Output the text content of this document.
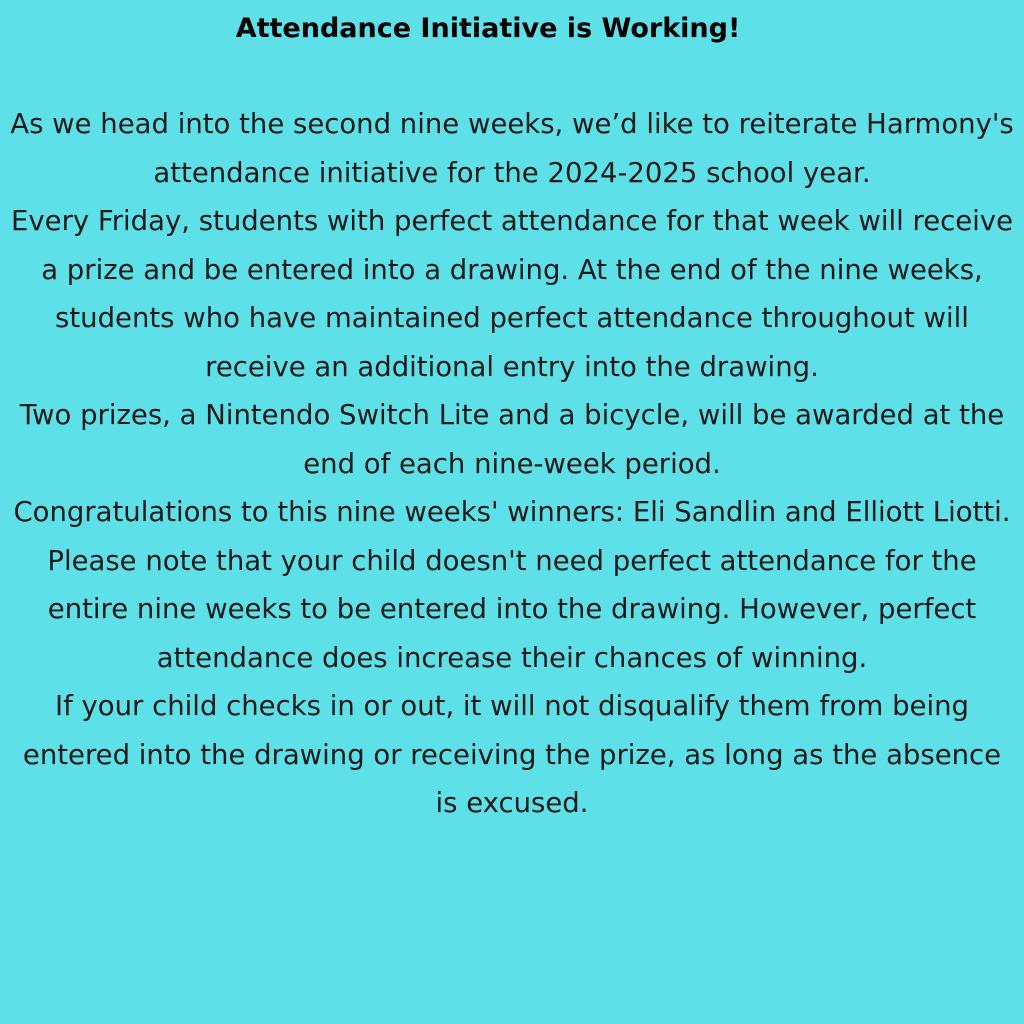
Attendance Initiative is Working!

As we head into the second nine weeks, we’d like to reiterate Harmony's attendance initiative for the 2024-2025 school year.

Every Friday, students with perfect attendance for that week will receive a prize and be entered into a drawing. At the end of the nine weeks, students who have maintained perfect attendance throughout will receive an additional entry into the drawing.

Two prizes, a Nintendo Switch Lite and a bicycle, will be awarded at the end of each nine-week period.

Congratulations to this nine weeks' winners: Eli Sandlin and Elliott Liotti.

Please note that your child doesn't need perfect attendance for the entire nine weeks to be entered into the drawing. However, perfect attendance does increase their chances of winning.

If your child checks in or out, it will not disqualify them from being entered into the drawing or receiving the prize, as long as the absence is excused.
